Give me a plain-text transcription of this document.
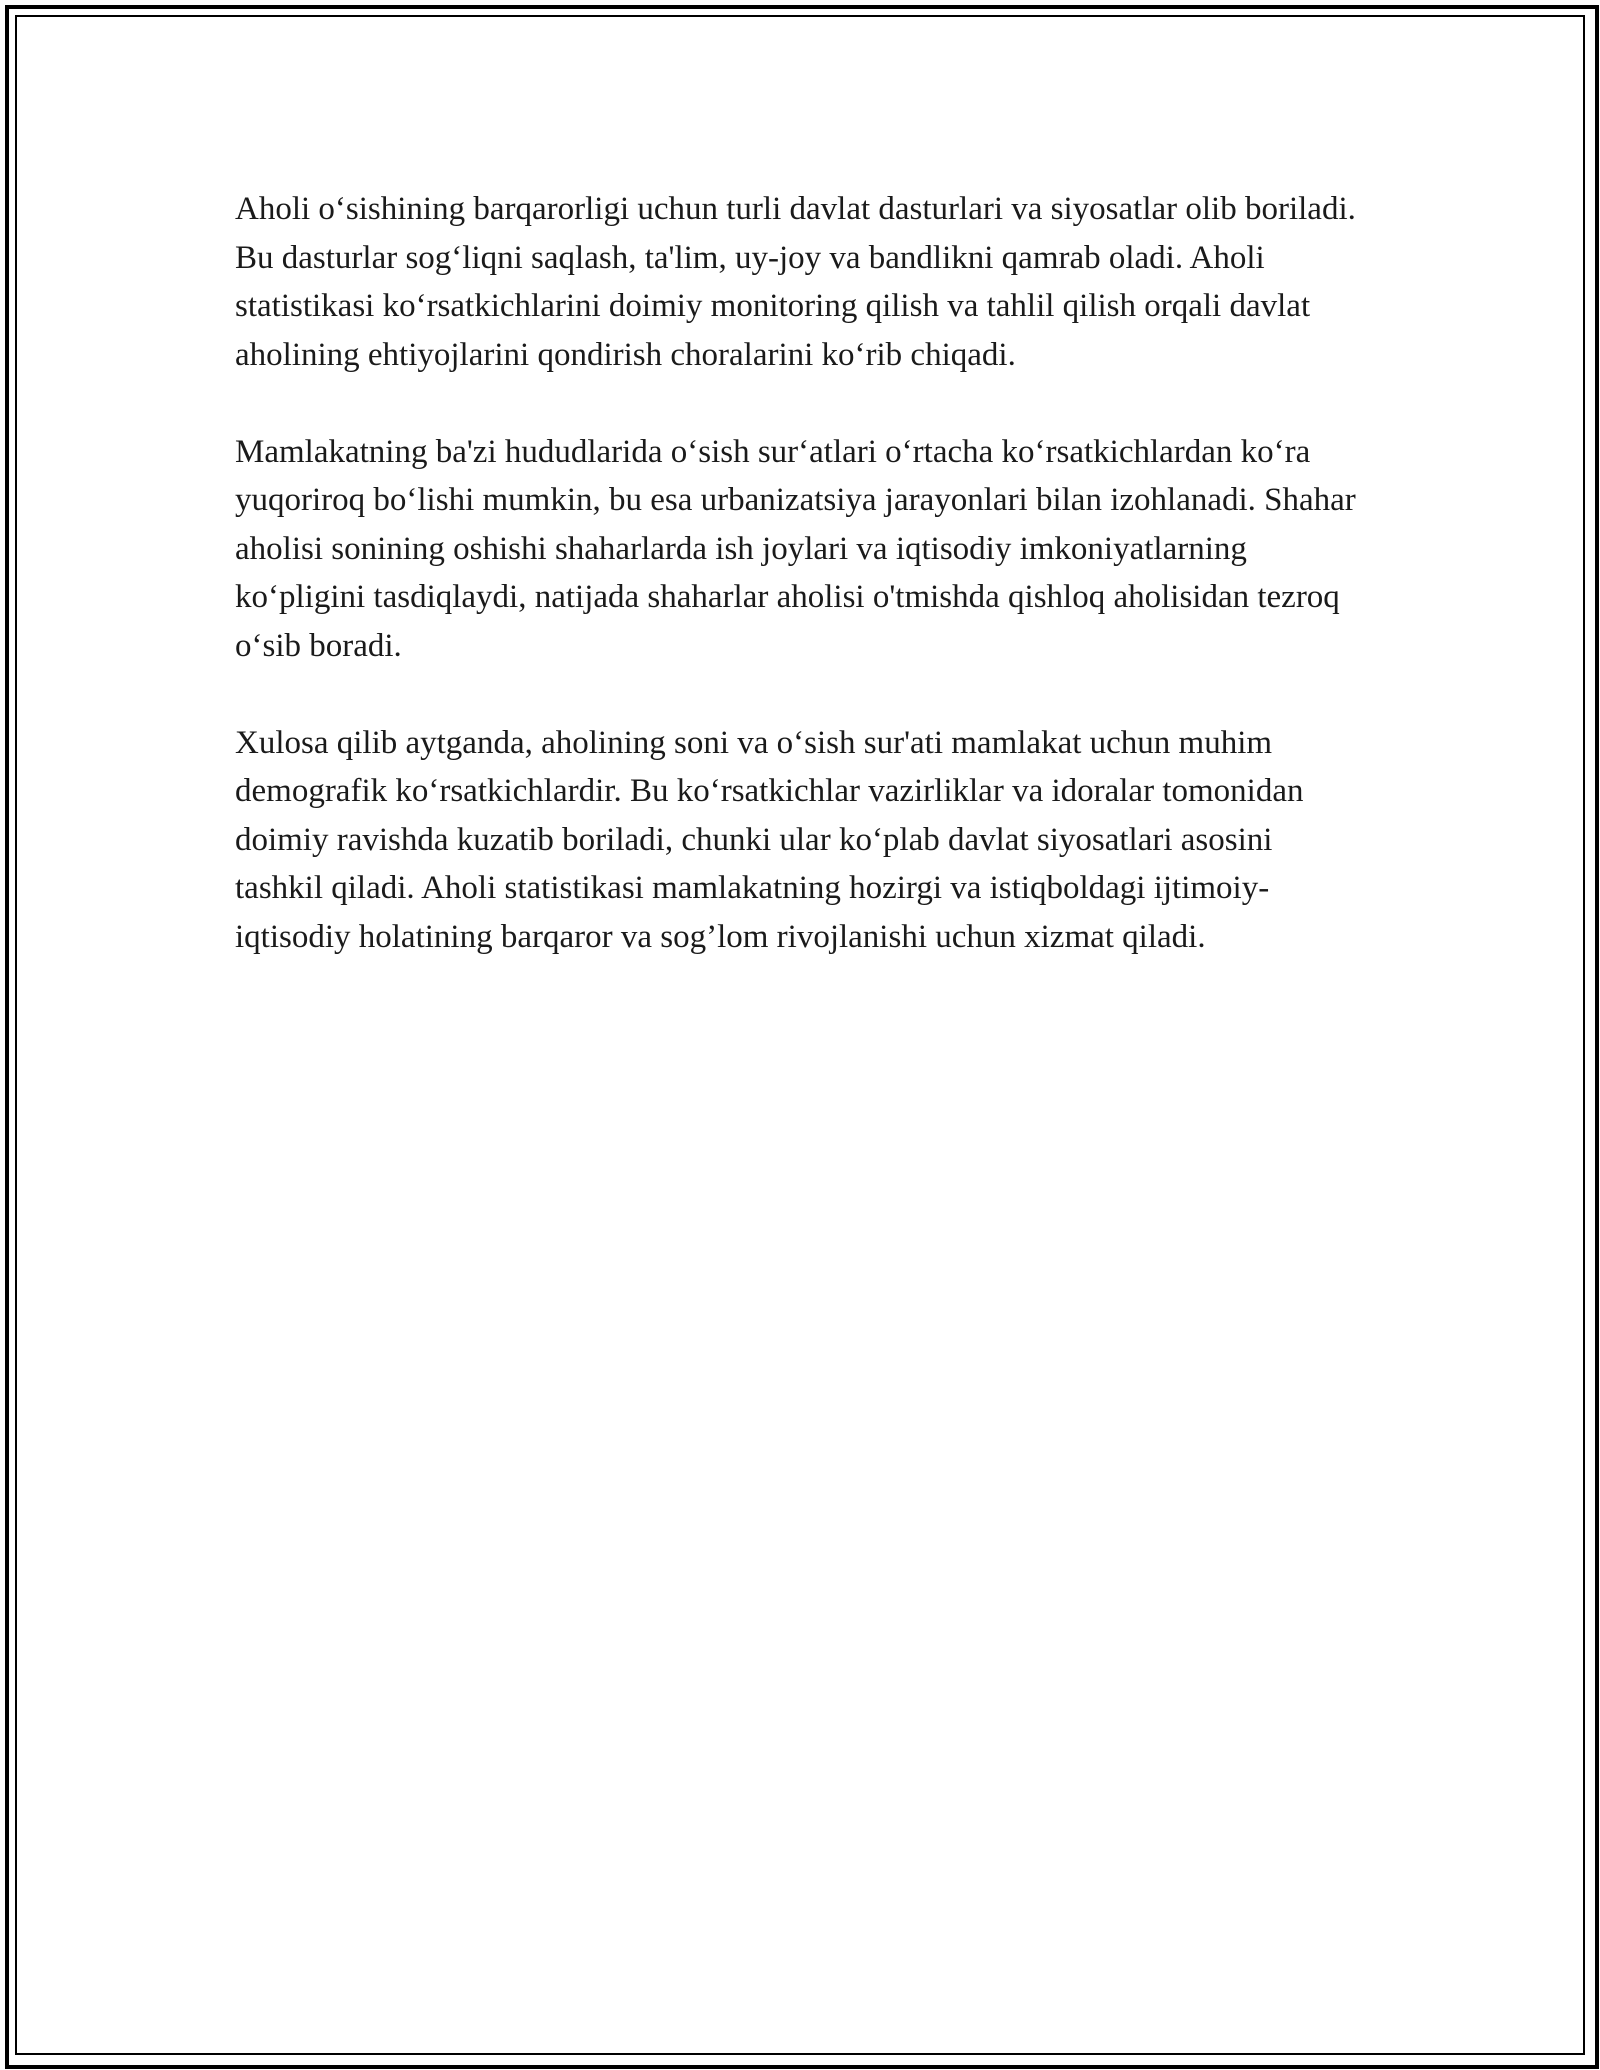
Aholi o‘sishining barqarorligi uchun turli davlat dasturlari va siyosatlar olib boriladi. Bu dasturlar sog‘liqni saqlash, ta'lim, uy-joy va bandlikni qamrab oladi. Aholi statistikasi ko‘rsatkichlarini doimiy monitoring qilish va tahlil qilish orqali davlat aholining ehtiyojlarini qondirish choralarini ko‘rib chiqadi.

Mamlakatning ba'zi hududlarida o‘sish sur‘atlari o‘rtacha ko‘rsatkichlardan ko‘ra yuqoriroq bo‘lishi mumkin, bu esa urbanizatsiya jarayonlari bilan izohlanadi. Shahar aholisi sonining oshishi shaharlarda ish joylari va iqtisodiy imkoniyatlarning ko‘pligini tasdiqlaydi, natijada shaharlar aholisi o'tmishda qishloq aholisidan tezroq o‘sib boradi.

Xulosa qilib aytganda, aholining soni va o‘sish sur'ati mamlakat uchun muhim demografik ko‘rsatkichlardir. Bu ko‘rsatkichlar vazirliklar va idoralar tomonidan doimiy ravishda kuzatib boriladi, chunki ular ko‘plab davlat siyosatlari asosini tashkil qiladi. Aholi statistikasi mamlakatning hozirgi va istiqboldagi ijtimoiy-iqtisodiy holatining barqaror va sog’lom rivojlanishi uchun xizmat qiladi.
